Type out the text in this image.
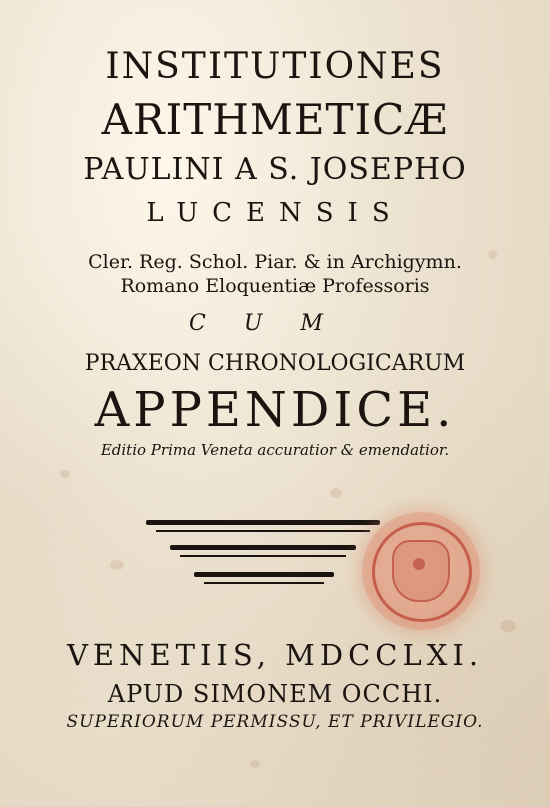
INSTITUTIONES
ARITHMETICÆ
PAULINI A S. JOSEPHO
LUCENSIS
Cler. Reg. Schol. Piar. & in Archigymn.
Romano Eloquentiæ Professoris
CUM
PRAXEON CHRONOLOGICARUM
APPENDICE.
Editio Prima Veneta accuratior & emendatior.
VENETIIS, MDCCLXI.
APUD SIMONEM OCCHI.
SUPERIORUM PERMISSU, ET PRIVILEGIO.
